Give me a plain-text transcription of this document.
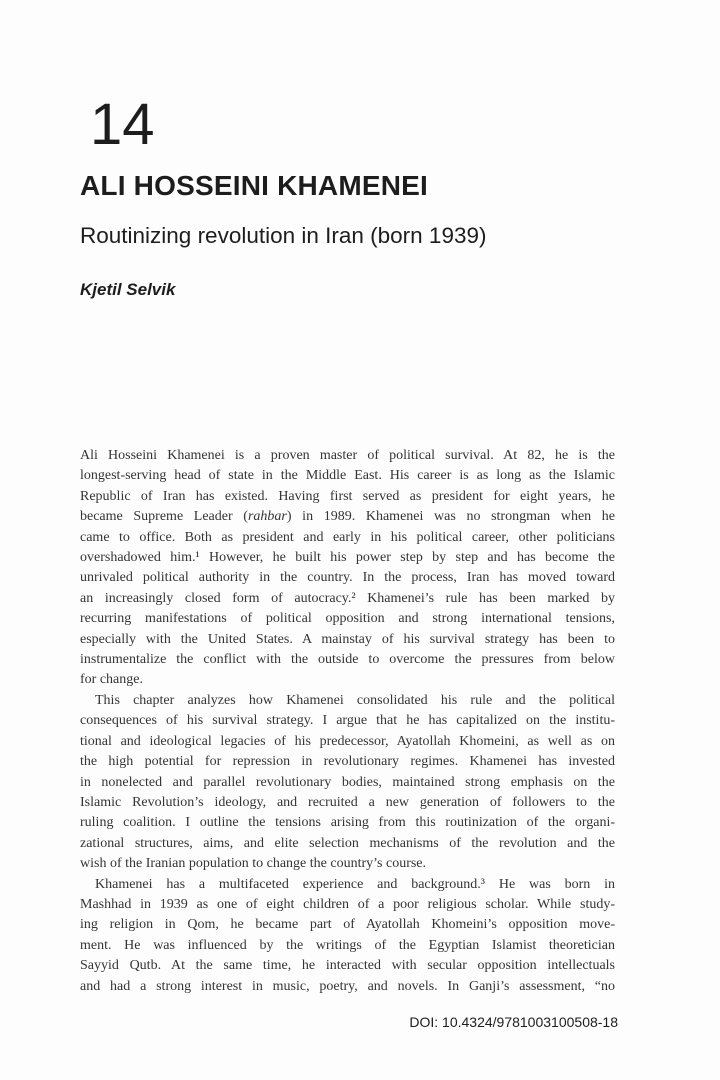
14
ALI HOSSEINI KHAMENEI
Routinizing revolution in Iran (born 1939)
Kjetil Selvik
Ali Hosseini Khamenei is a proven master of political survival. At 82, he is the
longest-serving head of state in the Middle East. His career is as long as the Islamic
Republic of Iran has existed. Having first served as president for eight years, he
became Supreme Leader (rahbar) in 1989. Khamenei was no strongman when he
came to office. Both as president and early in his political career, other politicians
overshadowed him.¹ However, he built his power step by step and has become the
unrivaled political authority in the country. In the process, Iran has moved toward
an increasingly closed form of autocracy.² Khamenei’s rule has been marked by
recurring manifestations of political opposition and strong international tensions,
especially with the United States. A mainstay of his survival strategy has been to
instrumentalize the conflict with the outside to overcome the pressures from below
for change.
This chapter analyzes how Khamenei consolidated his rule and the political
consequences of his survival strategy. I argue that he has capitalized on the institu-
tional and ideological legacies of his predecessor, Ayatollah Khomeini, as well as on
the high potential for repression in revolutionary regimes. Khamenei has invested
in nonelected and parallel revolutionary bodies, maintained strong emphasis on the
Islamic Revolution’s ideology, and recruited a new generation of followers to the
ruling coalition. I outline the tensions arising from this routinization of the organi-
zational structures, aims, and elite selection mechanisms of the revolution and the
wish of the Iranian population to change the country’s course.
Khamenei has a multifaceted experience and background.³ He was born in
Mashhad in 1939 as one of eight children of a poor religious scholar. While study-
ing religion in Qom, he became part of Ayatollah Khomeini’s opposition move-
ment. He was influenced by the writings of the Egyptian Islamist theoretician
Sayyid Qutb. At the same time, he interacted with secular opposition intellectuals
and had a strong interest in music, poetry, and novels. In Ganji’s assessment, “no
DOI: 10.4324/9781003100508-18
